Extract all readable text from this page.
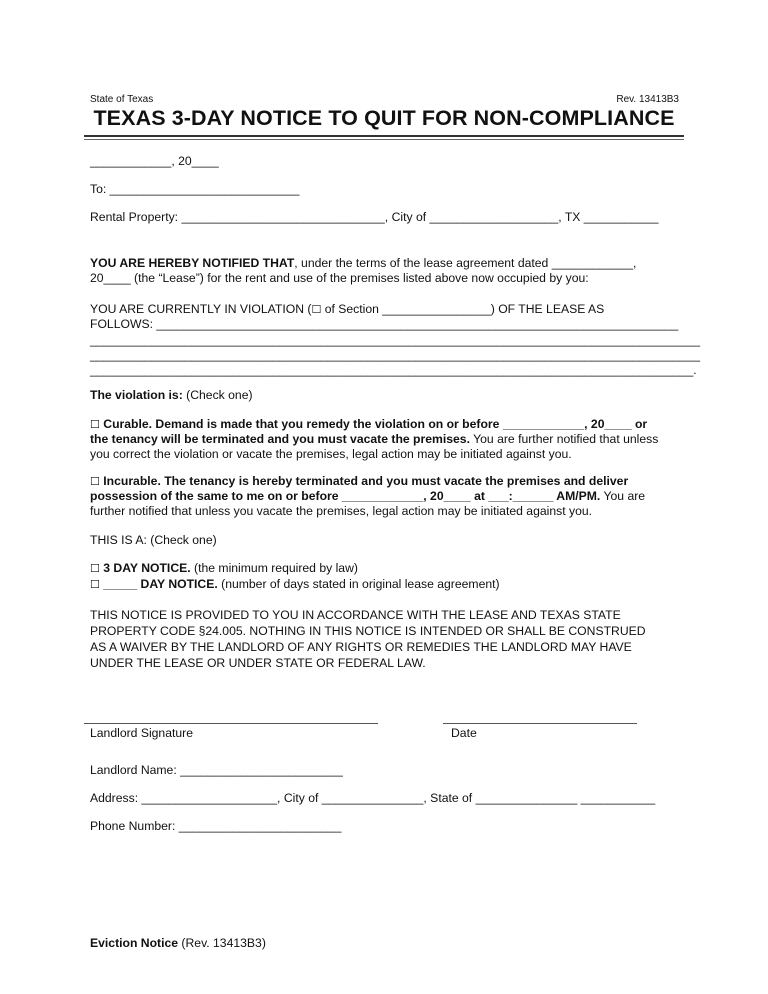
State of Texas	Rev. 13413B3
TEXAS 3-DAY NOTICE TO QUIT FOR NON-COMPLIANCE
____________, 20____
To: ____________________________
Rental Property: ______________________________, City of ___________________, TX ___________
YOU ARE HEREBY NOTIFIED THAT, under the terms of the lease agreement dated ____________,
20____ (the “Lease”) for the rent and use of the premises listed above now occupied by you:
YOU ARE CURRENTLY IN VIOLATION (☐ of Section ________________) OF THE LEASE AS
FOLLOWS: _____________________________________________________________________________
__________________________________________________________________________________________
__________________________________________________________________________________________
_________________________________________________________________________________________.
The violation is: (Check one)
☐ Curable. Demand is made that you remedy the violation on or before ____________, 20____ or
the tenancy will be terminated and you must vacate the premises. You are further notified that unless
you correct the violation or vacate the premises, legal action may be initiated against you.
☐ Incurable. The tenancy is hereby terminated and you must vacate the premises and deliver
possession of the same to me on or before ____________, 20____ at ___:______ AM/PM. You are
further notified that unless you vacate the premises, legal action may be initiated against you.
THIS IS A: (Check one)
☐ 3 DAY NOTICE. (the minimum required by law)
☐ _____ DAY NOTICE. (number of days stated in original lease agreement)
THIS NOTICE IS PROVIDED TO YOU IN ACCORDANCE WITH THE LEASE AND TEXAS STATE
PROPERTY CODE §24.005. NOTHING IN THIS NOTICE IS INTENDED OR SHALL BE CONSTRUED
AS A WAIVER BY THE LANDLORD OF ANY RIGHTS OR REMEDIES THE LANDLORD MAY HAVE
UNDER THE LEASE OR UNDER STATE OR FEDERAL LAW.
Landlord Signature	Date
Landlord Name: ________________________
Address: ____________________, City of _______________, State of _______________ ___________
Phone Number: ________________________
Eviction Notice (Rev. 13413B3)
